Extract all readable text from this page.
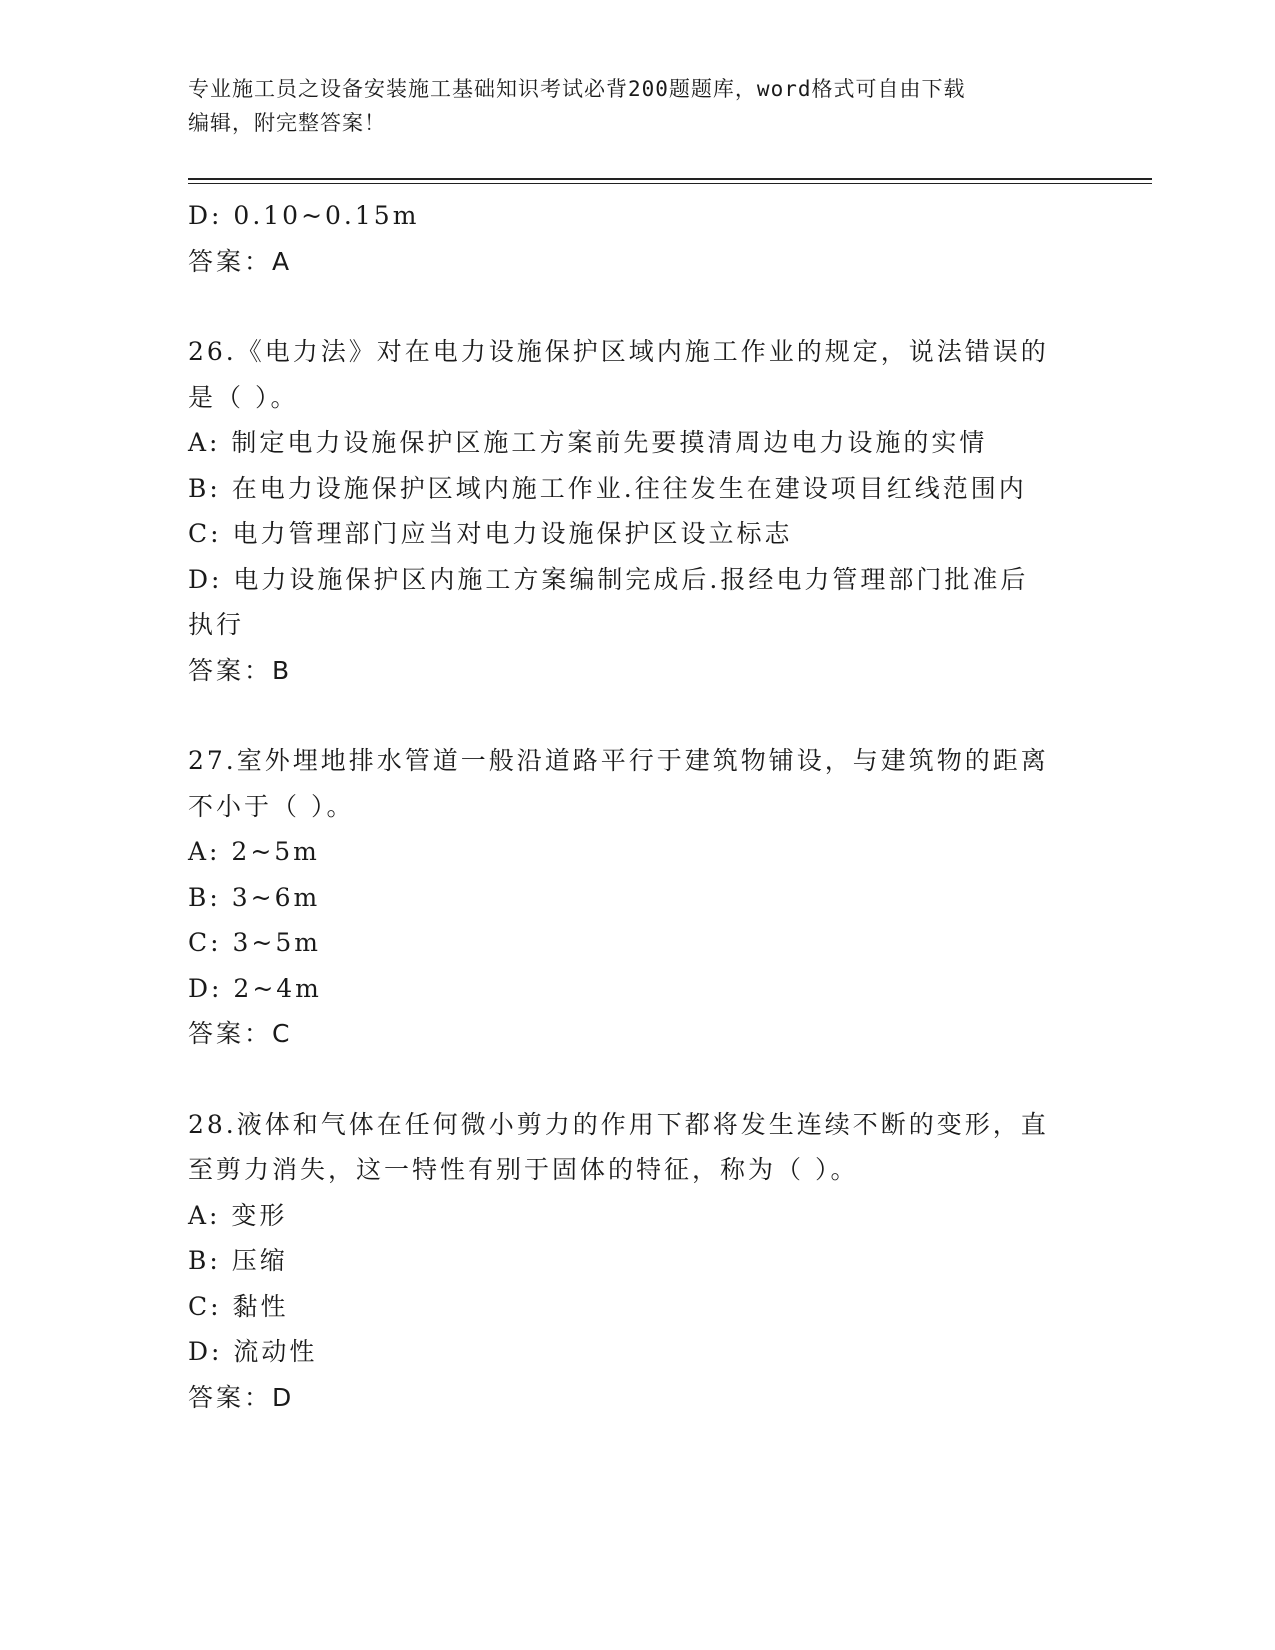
专业施工员之设备安装施工基础知识考试必背200题题库，word格式可自由下载
编辑，附完整答案！
D: 0.10~0.15m
答案：A
26.《电力法》对在电力设施保护区域内施工作业的规定，说法错误的
是（ ）。
A: 制定电力设施保护区施工方案前先要摸清周边电力设施的实情
B: 在电力设施保护区域内施工作业.往往发生在建设项目红线范围内
C: 电力管理部门应当对电力设施保护区设立标志
D: 电力设施保护区内施工方案编制完成后.报经电力管理部门批准后
执行
答案：B
27.室外埋地排水管道一般沿道路平行于建筑物铺设，与建筑物的距离
不小于（ ）。
A: 2~5m
B: 3~6m
C: 3~5m
D: 2~4m
答案：C
28.液体和气体在任何微小剪力的作用下都将发生连续不断的变形，直
至剪力消失，这一特性有别于固体的特征，称为（ ）。
A: 变形
B: 压缩
C: 黏性
D: 流动性
答案：D
